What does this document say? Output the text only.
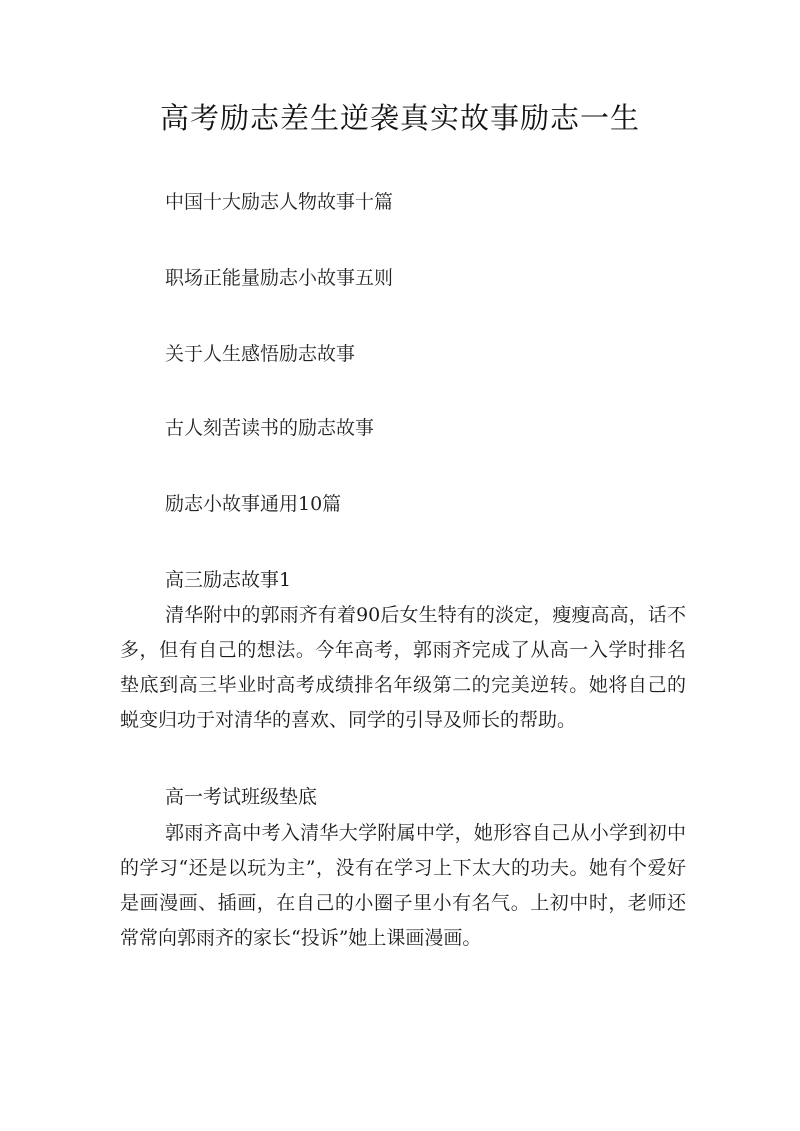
高考励志差生逆袭真实故事励志一生
中国十大励志人物故事十篇
职场正能量励志小故事五则
关于人生感悟励志故事
古人刻苦读书的励志故事
励志小故事通用10篇
高三励志故事1
清华附中的郭雨齐有着90后女生特有的淡定，瘦瘦高高，话不多，但有自己的想法。今年高考，郭雨齐完成了从高一入学时排名垫底到高三毕业时高考成绩排名年级第二的完美逆转。她将自己的蜕变归功于对清华的喜欢、同学的引导及师长的帮助。
高一考试班级垫底
郭雨齐高中考入清华大学附属中学，她形容自己从小学到初中的学习“还是以玩为主”，没有在学习上下太大的功夫。她有个爱好是画漫画、插画，在自己的小圈子里小有名气。上初中时，老师还常常向郭雨齐的家长“投诉”她上课画漫画。
